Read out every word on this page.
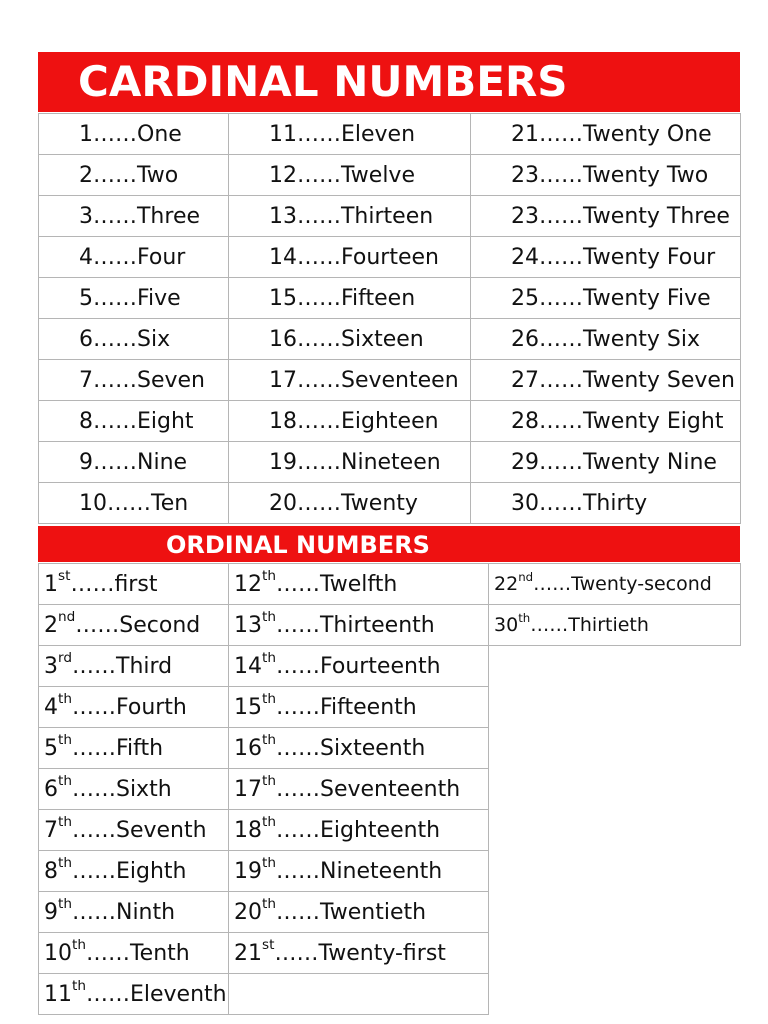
CARDINAL NUMBERS
1……One	11……Eleven	21……Twenty One
2……Two	12……Twelve	23……Twenty Two
3……Three	13……Thirteen	23……Twenty Three
4……Four	14……Fourteen	24……Twenty Four
5……Five	15……Fifteen	25……Twenty Five
6……Six	16……Sixteen	26……Twenty Six
7……Seven	17……Seventeen	27……Twenty Seven
8……Eight	18……Eighteen	28……Twenty Eight
9……Nine	19……Nineteen	29……Twenty Nine
10……Ten	20……Twenty	30……Thirty
ORDINAL NUMBERS
1st……first	12th……Twelfth	22nd……Twenty-second
2nd……Second	13th……Thirteenth	30th……Thirtieth
3rd……Third	14th……Fourteenth	
4th……Fourth	15th……Fifteenth	
5th……Fifth	16th……Sixteenth	
6th……Sixth	17th……Seventeenth	
7th……Seventh	18th……Eighteenth	
8th……Eighth	19th……Nineteenth	
9th……Ninth	20th……Twentieth	
10th……Tenth	21st……Twenty-first	
11th……Eleventh		
